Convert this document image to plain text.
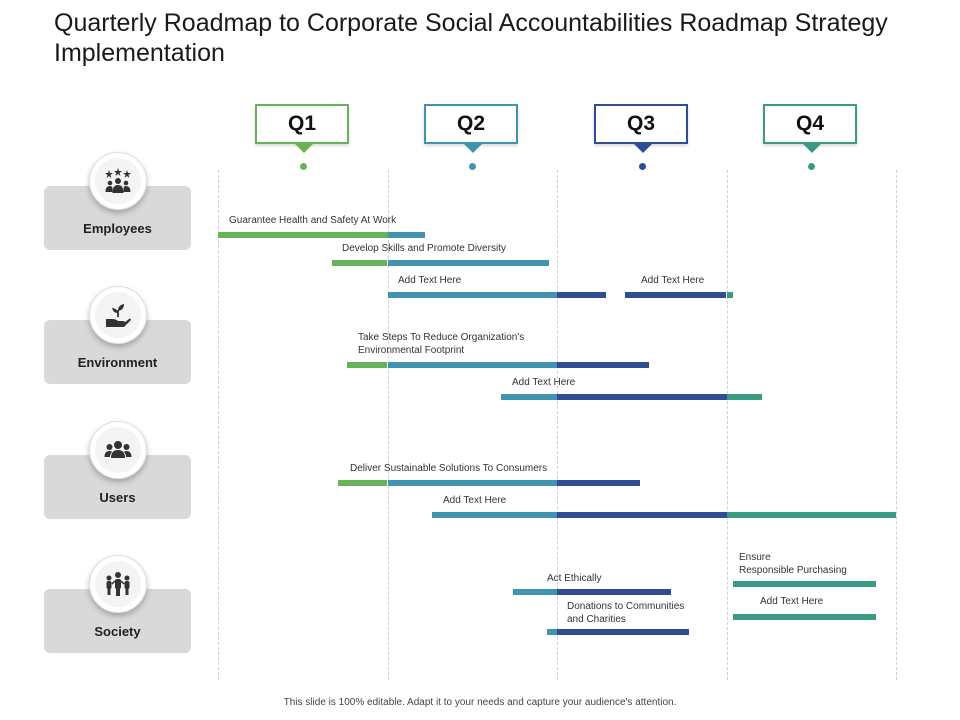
Quarterly Roadmap to Corporate Social Accountabilities Roadmap Strategy Implementation
Q1	Q2	Q3	Q4
Employees
Environment
Users
Society
Guarantee Health and Safety At Work
Develop Skills and Promote Diversity
Add Text Here	Add Text Here
Take Steps To Reduce Organization's
Environmental Footprint
Add Text Here
Deliver Sustainable Solutions To Consumers
Add Text Here
Act Ethically
Donations to Communities
and Charities
Ensure
Responsible Purchasing
Add Text Here
This slide is 100% editable. Adapt it to your needs and capture your audience's attention.
